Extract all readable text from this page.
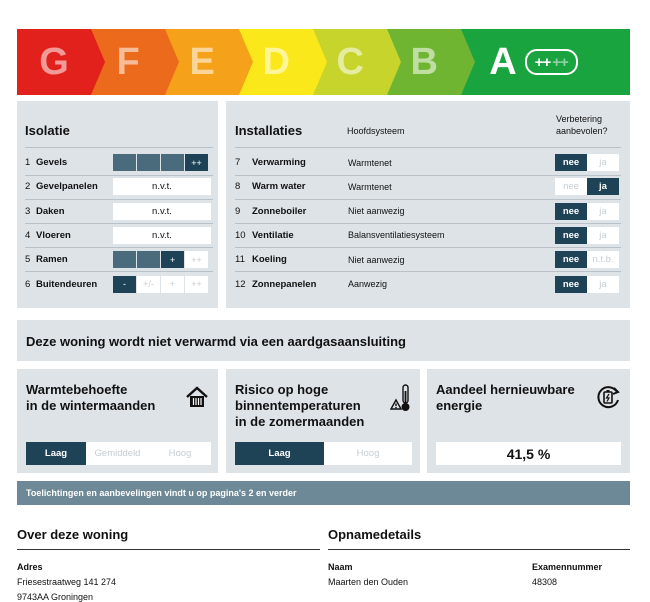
G F E D C B A ++ ++
Isolatie
1 Gevels	++
2 Gevelpanelen	n.v.t.
3 Daken	n.v.t.
4 Vloeren	n.v.t.
5 Ramen	+	++
6 Buitendeuren	-	+/-	+	++
Installaties	Hoofdsysteem
Verbetering
aanbevolen?
7	Verwarming	Warmtenet	nee	ja
8	Warm water	Warmtenet	nee	ja
9	Zonneboiler	Niet aanwezig	nee	ja
10 Ventilatie	Balansventilatiesysteem	nee	ja
11 Koeling	Niet aanwezig	nee	n.t.b.
12 Zonnepanelen	Aanwezig	nee	ja
Deze woning wordt niet verwarmd via een aardgasaansluiting
Warmtebehoefte
in de wintermaanden
Laag	Gemiddeld	Hoog
Risico op hoge
binnentemperaturen
in de zomermaanden
Laag	Hoog
Aandeel hernieuwbare
energie
41,5 %
Toelichtingen en aanbevelingen vindt u op pagina's 2 en verder
Over deze woning
Adres
Friesestraatweg 141 274
9743AA Groningen
Opnamedetails
Naam
Maarten den Ouden
Examennummer
48308
